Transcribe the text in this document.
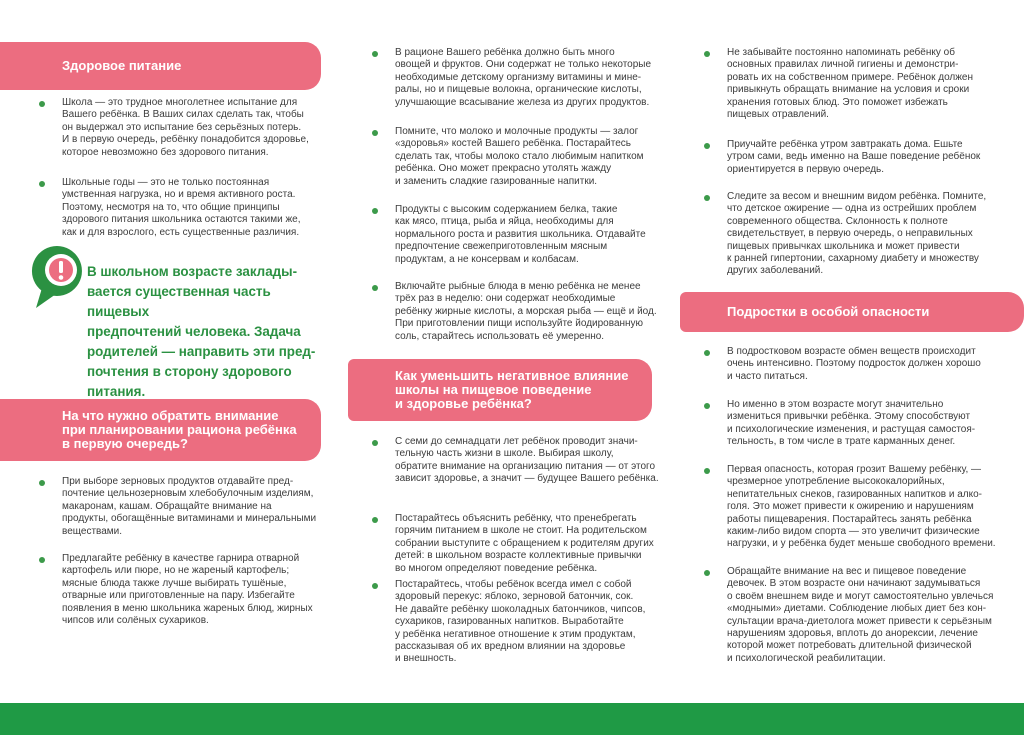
Здоровое питание
Школа — это трудное многолетнее испытание для
Вашего ребёнка. В Ваших силах сделать так, чтобы
он выдержал это испытание без серьёзных потерь.
И в первую очередь, ребёнку понадобится здоровье,
которое невозможно без здорового питания.
Школьные годы — это не только постоянная
умственная нагрузка, но и время активного роста.
Поэтому, несмотря на то, что общие принципы
здорового питания школьника остаются такими же,
как и для взрослого, есть существенные различия.
В школьном возрасте заклады-
вается существенная часть пищевых
предпочтений человека. Задача
родителей — направить эти пред-
почтения в сторону здорового
питания.
На что нужно обратить внимание
при планировании рациона ребёнка
в первую очередь?
При выборе зерновых продуктов отдавайте пред-
почтение цельнозерновым хлебобулочным изделиям,
макаронам, кашам. Обращайте внимание на
продукты, обогащённые витаминами и минеральными
веществами.
Предлагайте ребёнку в качестве гарнира отварной
картофель или пюре, но не жареный картофель;
мясные блюда также лучше выбирать тушёные,
отварные или приготовленные на пару. Избегайте
появления в меню школьника жареных блюд, жирных
чипсов или солёных сухариков.
В рационе Вашего ребёнка должно быть много
овощей и фруктов. Они содержат не только некоторые
необходимые детскому организму витамины и мине-
ралы, но и пищевые волокна, органические кислоты,
улучшающие всасывание железа из других продуктов.
Помните, что молоко и молочные продукты — залог
«здоровья» костей Вашего ребёнка. Постарайтесь
сделать так, чтобы молоко стало любимым напитком
ребёнка. Оно может прекрасно утолять жажду
и заменить сладкие газированные напитки.
Продукты с высоким содержанием белка, такие
как мясо, птица, рыба и яйца, необходимы для
нормального роста и развития школьника. Отдавайте
предпочтение свежеприготовленным мясным
продуктам, а не консервам и колбасам.
Включайте рыбные блюда в меню ребёнка не менее
трёх раз в неделю: они содержат необходимые
ребёнку жирные кислоты, а морская рыба — ещё и йод.
При приготовлении пищи используйте йодированную
соль, старайтесь использовать её умеренно.
Как уменьшить негативное влияние
школы на пищевое поведение
и здоровье ребёнка?
С семи до семнадцати лет ребёнок проводит значи-
тельную часть жизни в школе. Выбирая школу,
обратите внимание на организацию питания — от этого
зависит здоровье, а значит — будущее Вашего ребёнка.
Постарайтесь объяснить ребёнку, что пренебрегать
горячим питанием в школе не стоит. На родительском
собрании выступите с обращением к родителям других
детей: в школьном возрасте коллективные привычки
во многом определяют поведение ребёнка.
Постарайтесь, чтобы ребёнок всегда имел с собой
здоровый перекус: яблоко, зерновой батончик, сок.
Не давайте ребёнку шоколадных батончиков, чипсов,
сухариков, газированных напитков. Выработайте
у ребёнка негативное отношение к этим продуктам,
рассказывая об их вредном влиянии на здоровье
и внешность.
Не забывайте постоянно напоминать ребёнку об
основных правилах личной гигиены и демонстри-
ровать их на собственном примере. Ребёнок должен
привыкнуть обращать внимание на условия и сроки
хранения готовых блюд. Это поможет избежать
пищевых отравлений.
Приучайте ребёнка утром завтракать дома. Ешьте
утром сами, ведь именно на Ваше поведение ребёнок
ориентируется в первую очередь.
Следите за весом и внешним видом ребёнка. Помните,
что детское ожирение — одна из острейших проблем
современного общества. Склонность к полноте
свидетельствует, в первую очередь, о неправильных
пищевых привычках школьника и может привести
к ранней гипертонии, сахарному диабету и множеству
других заболеваний.
Подростки в особой опасности
В подростковом возрасте обмен веществ происходит
очень интенсивно. Поэтому подросток должен хорошо
и часто питаться.
Но именно в этом возрасте могут значительно
измениться привычки ребёнка. Этому способствуют
и психологические изменения, и растущая самостоя-
тельность, в том числе в трате карманных денег.
Первая опасность, которая грозит Вашему ребёнку, —
чрезмерное употребление высококалорийных,
непитательных снеков, газированных напитков и алко-
голя. Это может привести к ожирению и нарушениям
работы пищеварения. Постарайтесь занять ребёнка
каким-либо видом спорта — это увеличит физические
нагрузки, и у ребёнка будет меньше свободного времени.
Обращайте внимание на вес и пищевое поведение
девочек. В этом возрасте они начинают задумываться
о своём внешнем виде и могут самостоятельно увлечься
«модными» диетами. Соблюдение любых диет без кон-
сультации врача-диетолога может привести к серьёзным
нарушениям здоровья, вплоть до анорексии, лечение
которой может потребовать длительной физической
и психологической реабилитации.
